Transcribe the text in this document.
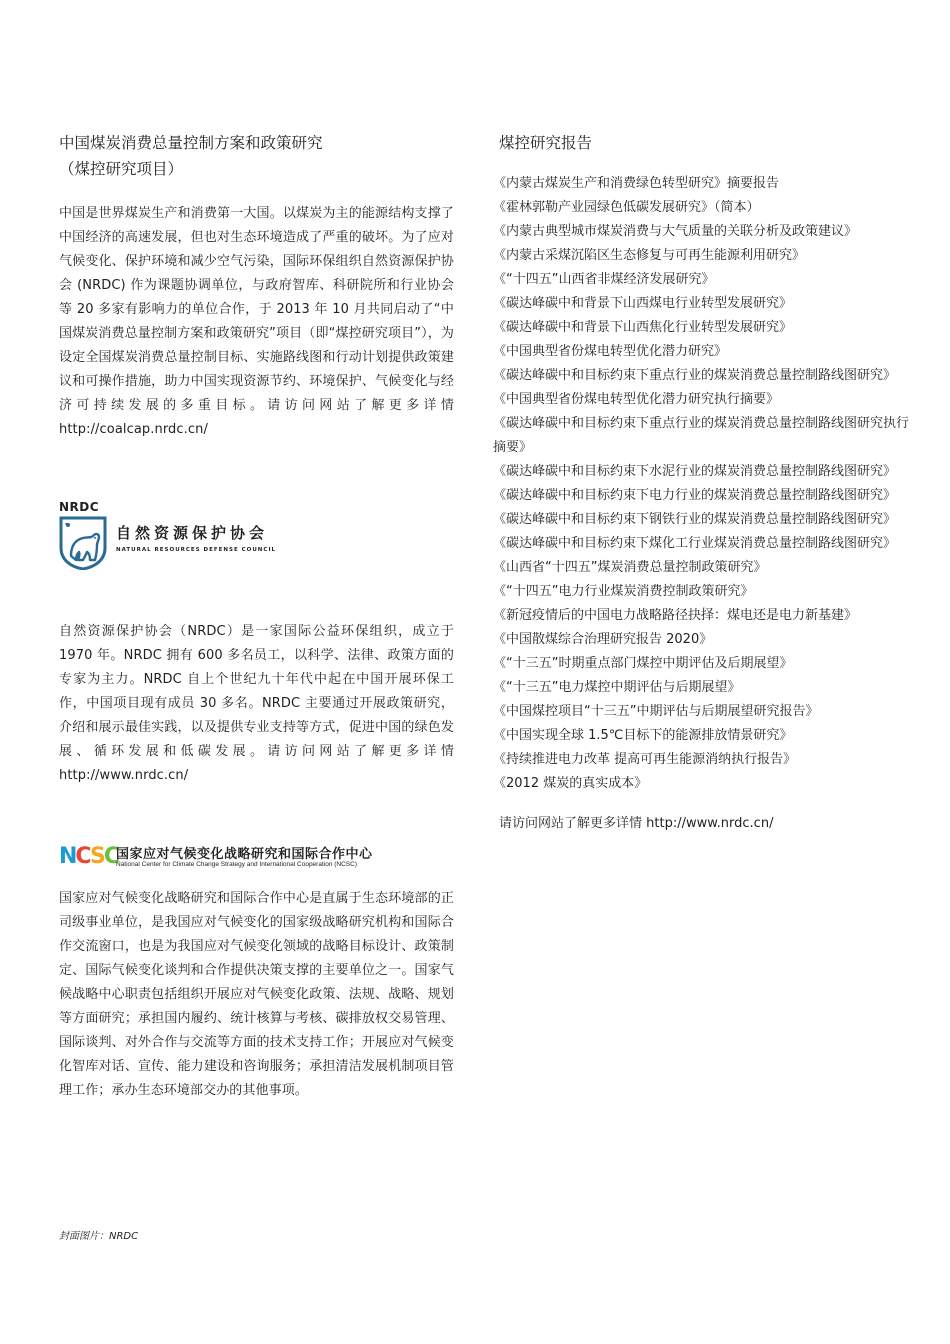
中国煤炭消费总量控制方案和政策研究
（煤控研究项目）

中国是世界煤炭生产和消费第一大国。以煤炭为主的能源结构支撑了中国经济的高速发展，但也对生态环境造成了严重的破坏。为了应对气候变化、保护环境和减少空气污染，国际环保组织自然资源保护协会 (NRDC) 作为课题协调单位，与政府智库、科研院所和行业协会等 20 多家有影响力的单位合作，于 2013 年 10 月共同启动了“中国煤炭消费总量控制方案和政策研究”项目（即“煤控研究项目”），为设定全国煤炭消费总量控制目标、实施路线图和行动计划提供政策建议和可操作措施，助力中国实现资源节约、环境保护、气候变化与经济可持续发展的多重目标。请访问网站了解更多详情 http://coalcap.nrdc.cn/

NRDC
自然资源保护协会
NATURAL RESOURCES DEFENSE COUNCIL

自然资源保护协会（NRDC）是一家国际公益环保组织，成立于 1970 年。NRDC 拥有 600 多名员工，以科学、法律、政策方面的专家为主力。NRDC 自上个世纪九十年代中起在中国开展环保工作，中国项目现有成员 30 多名。NRDC 主要通过开展政策研究，介绍和展示最佳实践，以及提供专业支持等方式，促进中国的绿色发展、循环发展和低碳发展。请访问网站了解更多详情 http://www.nrdc.cn/

NCSC
国家应对气候变化战略研究和国际合作中心
National Center for Climate Change Strategy and International Cooperation (NCSC)

国家应对气候变化战略研究和国际合作中心是直属于生态环境部的正司级事业单位，是我国应对气候变化的国家级战略研究机构和国际合作交流窗口，也是为我国应对气候变化领域的战略目标设计、政策制定、国际气候变化谈判和合作提供决策支撑的主要单位之一。国家气候战略中心职责包括组织开展应对气候变化政策、法规、战略、规划等方面研究；承担国内履约、统计核算与考核、碳排放权交易管理、国际谈判、对外合作与交流等方面的技术支持工作；开展应对气候变化智库对话、宣传、能力建设和咨询服务；承担清洁发展机制项目管理工作；承办生态环境部交办的其他事项。

煤控研究报告
《内蒙古煤炭生产和消费绿色转型研究》摘要报告
《霍林郭勒产业园绿色低碳发展研究》（简本）
《内蒙古典型城市煤炭消费与大气质量的关联分析及政策建议》
《内蒙古采煤沉陷区生态修复与可再生能源利用研究》
《“十四五”山西省非煤经济发展研究》
《碳达峰碳中和背景下山西煤电行业转型发展研究》
《碳达峰碳中和背景下山西焦化行业转型发展研究》
《中国典型省份煤电转型优化潜力研究》
《碳达峰碳中和目标约束下重点行业的煤炭消费总量控制路线图研究》
《中国典型省份煤电转型优化潜力研究执行摘要》
《碳达峰碳中和目标约束下重点行业的煤炭消费总量控制路线图研究执行摘要》
《碳达峰碳中和目标约束下水泥行业的煤炭消费总量控制路线图研究》
《碳达峰碳中和目标约束下电力行业的煤炭消费总量控制路线图研究》
《碳达峰碳中和目标约束下钢铁行业的煤炭消费总量控制路线图研究》
《碳达峰碳中和目标约束下煤化工行业煤炭消费总量控制路线图研究》
《山西省“十四五”煤炭消费总量控制政策研究》
《“十四五”电力行业煤炭消费控制政策研究》
《新冠疫情后的中国电力战略路径抉择：煤电还是电力新基建》
《中国散煤综合治理研究报告 2020》
《“十三五”时期重点部门煤控中期评估及后期展望》
《“十三五”电力煤控中期评估与后期展望》
《中国煤控项目“十三五”中期评估与后期展望研究报告》
《中国实现全球 1.5℃目标下的能源排放情景研究》
《持续推进电力改革 提高可再生能源消纳执行报告》
《2012 煤炭的真实成本》

请访问网站了解更多详情 http://www.nrdc.cn/

封面图片：NRDC
